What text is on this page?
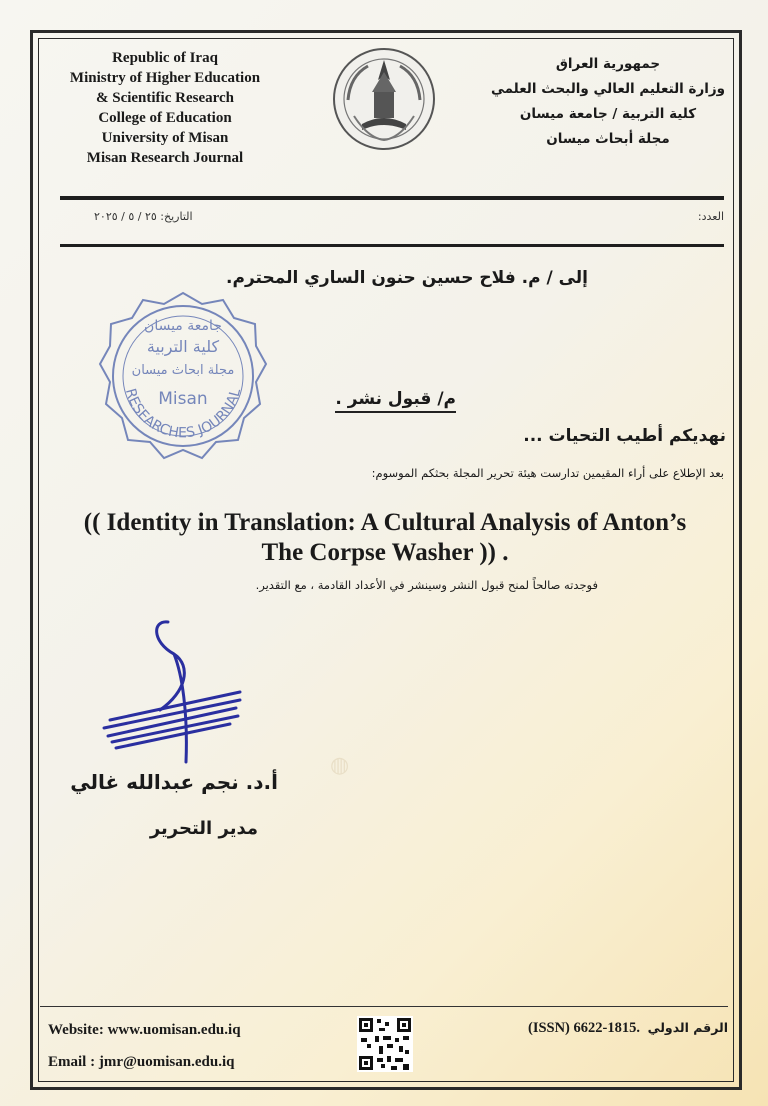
Republic of Iraq
Ministry of Higher Education
& Scientific Research
College of Education
University of Misan
Misan Research Journal
جمهورية العراق
وزارة التعليم العالي والبحث العلمي
كلية التربية / جامعة ميسان
مجلة أبحاث ميسان
العدد:
التاريخ: ٢٥ / ٥ / ٢٠٢٥
RESEARCHES JOURNAL
جامعة ميسان
كلية التربية
مجلة ابحاث ميسان
Misan
إلى / م. فلاح حسين حنون الساري المحترم.
م/ قبول نشر .
نهديكم أطيب التحيات ...
بعد الإطلاع على أراء المقيمين تدارست هيئة تحرير المجلة بحثكم الموسوم:
(( Identity in Translation: A Cultural Analysis of Anton’s
The Corpse Washer )) .
فوجدته صالحاً لمنح قبول النشر وسينشر في الأعداد القادمة ، مع التقدير.
◍
أ.د. نجم عبدالله غالي
مدير التحرير
Website: www.uomisan.edu.iq
Email : jmr@uomisan.edu.iq
(ISSN) 6622-1815. الرقم الدولي
